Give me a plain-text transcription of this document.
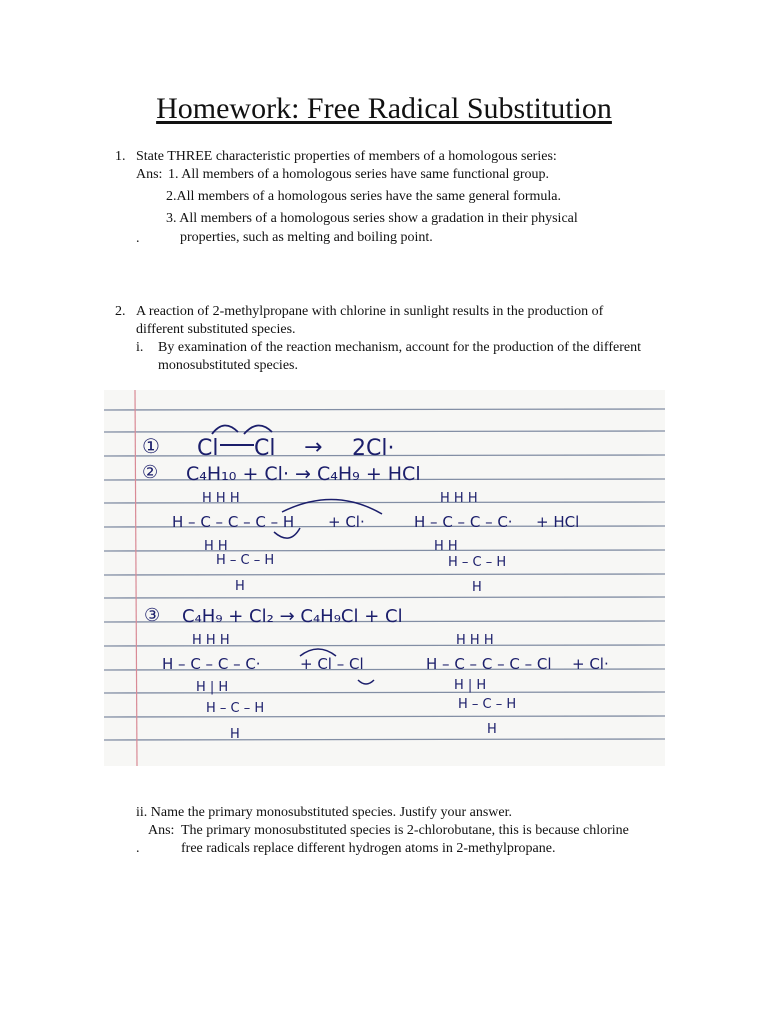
Homework: Free Radical Substitution
1. State THREE characteristic properties of members of a homologous series:
Ans: 1. All members of a homologous series have same functional group.
2.All members of a homologous series have the same general formula.
3. All members of a homologous series show a gradation in their physical
.	properties, such as melting and boiling point.
2. A reaction of 2-methylpropane with chlorine in sunlight results in the production of
different substituted species.
i. By examination of the reaction mechanism, account for the production of the different
monosubstituted species.
① Cl Cl → 2Cl·
② C₄H₁₀ + Cl· → C₄H₉ + HCl
H H H
H – C – C – C – H + Cl·
H H H
H – C – C – C· + HCl
H H
H – C – H
H
H H
H – C – H
H
③ C₄H₉ + Cl₂ → C₄H₉Cl + Cl
H H H
H – C – C – C·	+ Cl – Cl
H H H
H – C – C – C – Cl + Cl·
H | H
H – C – H
H
H | H
H – C – H
H
ii. Name the primary monosubstituted species. Justify your answer.
Ans: The primary monosubstituted species is 2-chlorobutane, this is because chlorine
.	free radicals replace different hydrogen atoms in 2-methylpropane.
